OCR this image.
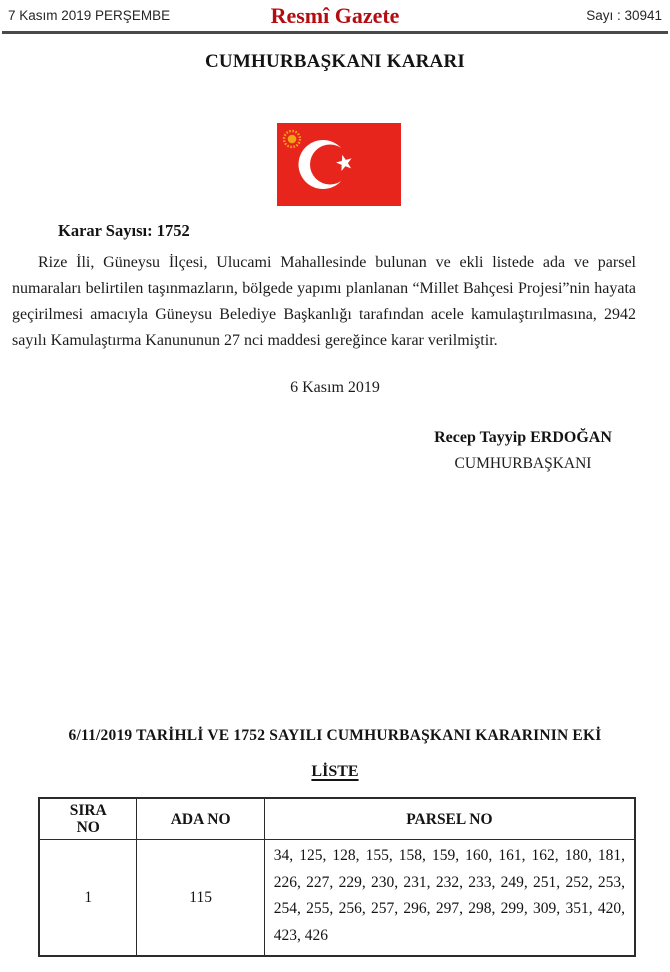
7 Kasım 2019 PERŞEMBE	Resmî Gazete	Sayı : 30941
CUMHURBAŞKANI KARARI
Karar Sayısı: 1752
Rize İli, Güneysu İlçesi, Ulucami Mahallesinde bulunan ve ekli listede ada ve parsel numaraları belirtilen taşınmazların, bölgede yapımı planlanan “Millet Bahçesi Projesi”nin hayata geçirilmesi amacıyla Güneysu Belediye Başkanlığı tarafından acele kamulaştırılmasına, 2942 sayılı Kamulaştırma Kanununun 27 nci maddesi gereğince karar verilmiştir.
6 Kasım 2019
Recep Tayyip ERDOĞAN
CUMHURBAŞKANI
6/11/2019 TARİHLİ VE 1752 SAYILI CUMHURBAŞKANI KARARININ EKİ
LİSTE
SIRA NO	ADA NO	PARSEL NO
1	115	34, 125, 128, 155, 158, 159, 160, 161, 162, 180, 181, 226, 227, 229, 230, 231, 232, 233, 249, 251, 252, 253, 254, 255, 256, 257, 296, 297, 298, 299, 309, 351, 420, 423, 426
